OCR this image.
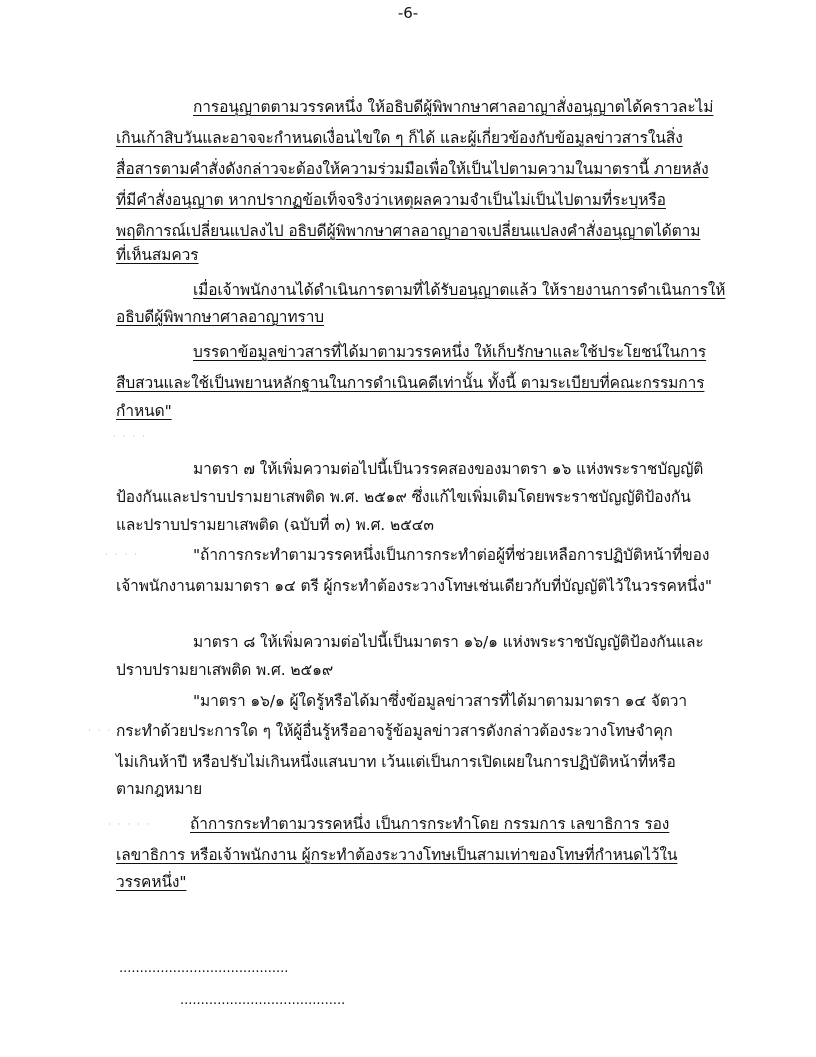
-6-
การอนุญาตตามวรรคหนึ่ง ให้อธิบดีผู้พิพากษาศาลอาญาสั่งอนุญาตได้คราวละไม่
เกินเก้าสิบวันและอาจจะกำหนดเงื่อนไขใด ๆ ก็ได้ และผู้เกี่ยวข้องกับข้อมูลข่าวสารในสิ่ง
สื่อสารตามคำสั่งดังกล่าวจะต้องให้ความร่วมมือเพื่อให้เป็นไปตามความในมาตรานี้ ภายหลัง
ที่มีคำสั่งอนุญาต หากปรากฏข้อเท็จจริงว่าเหตุผลความจำเป็นไม่เป็นไปตามที่ระบุหรือ
พฤติการณ์เปลี่ยนแปลงไป อธิบดีผู้พิพากษาศาลอาญาอาจเปลี่ยนแปลงคำสั่งอนุญาตได้ตาม
ที่เห็นสมควร
เมื่อเจ้าพนักงานได้ดำเนินการตามที่ได้รับอนุญาตแล้ว ให้รายงานการดำเนินการให้
อธิบดีผู้พิพากษาศาลอาญาทราบ
บรรดาข้อมูลข่าวสารที่ได้มาตามวรรคหนึ่ง ให้เก็บรักษาและใช้ประโยชน์ในการ
สืบสวนและใช้เป็นพยานหลักฐานในการดำเนินคดีเท่านั้น ทั้งนี้ ตามระเบียบที่คณะกรรมการ
กำหนด"
· · · ·
มาตรา ๗ ให้เพิ่มความต่อไปนี้เป็นวรรคสองของมาตรา ๑๖ แห่งพระราชบัญญัติ
ป้องกันและปราบปรามยาเสพติด พ.ศ. ๒๕๑๙ ซึ่งแก้ไขเพิ่มเติมโดยพระราชบัญญัติป้องกัน
และปราบปรามยาเสพติด (ฉบับที่ ๓) พ.ศ. ๒๕๔๓
· · · ·	"ถ้าการกระทำตามวรรคหนึ่งเป็นการกระทำต่อผู้ที่ช่วยเหลือการปฏิบัติหน้าที่ของ
เจ้าพนักงานตามมาตรา ๑๔ ตรี ผู้กระทำต้องระวางโทษเช่นเดียวกับที่บัญญัติไว้ในวรรคหนึ่ง"
มาตรา ๘ ให้เพิ่มความต่อไปนี้เป็นมาตรา ๑๖/๑ แห่งพระราชบัญญัติป้องกันและ
ปราบปรามยาเสพติด พ.ศ. ๒๕๑๙
"มาตรา ๑๖/๑ ผู้ใดรู้หรือได้มาซึ่งข้อมูลข่าวสารที่ได้มาตามมาตรา ๑๔ จัตวา
· · · ·
กระทำด้วยประการใด ๆ ให้ผู้อื่นรู้หรืออาจรู้ข้อมูลข่าวสารดังกล่าวต้องระวางโทษจำคุก
ไม่เกินห้าปี หรือปรับไม่เกินหนึ่งแสนบาท เว้นแต่เป็นการเปิดเผยในการปฏิบัติหน้าที่หรือ
ตามกฎหมาย
· · · · · ถ้าการกระทำตามวรรคหนึ่ง เป็นการกระทำโดย กรรมการ เลขาธิการ รอง
เลขาธิการ หรือเจ้าพนักงาน ผู้กระทำต้องระวางโทษเป็นสามเท่าของโทษที่กำหนดไว้ใน
วรรคหนึ่ง"
.........................................
........................................
